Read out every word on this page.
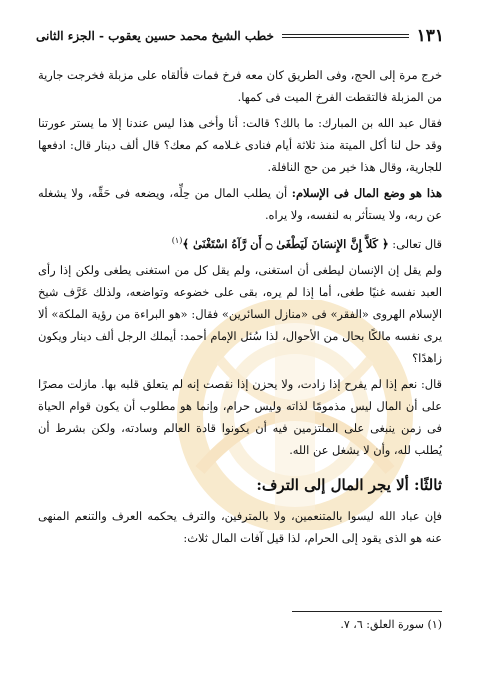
١٣١
خطب الشيخ محمد حسين يعقوب - الجزء الثانى

خرج مرة إلى الحج، وفى الطريق كان معه فرخ فمات فألقاه على مزبلة فخرجت جارية من المزبلة فالتقطت الفرخ الميت فى كمها.

فقال عبد الله بن المبارك: ما بالك؟ قالت: أنا وأخى هذا ليس عندنا إلا ما يستر عورتنا وقد حل لنا أكل الميتة منذ ثلاثة أيام فنادى غـلامه كم معك؟ قال ألف دينار قال: ادفعها للجارية، وقال هذا خير من حج النافلة.

هذا هو وضع المال فى الإسلام: أن يطلب المال من حِلِّه، ويضعه فى حَقِّه، ولا يشغله عن ربه، ولا يستأثر به لنفسه، ولا يراه.

قال تعالى: ﴿ كَلاَّ إِنَّ الإِنسَانَ لَيَطْغَىٰ ۝ أَن رَّآهُ اسْتَغْنَىٰ ﴾$^{(١)}$

ولم يقل إن الإنسان ليطغى أن استغنى، ولم يقل كل من استغنى يطغى ولكن إذا رأى العبد نفسه غنيًا طغى، أما إذا لم يره، بقى على خضوعه وتواضعه، ولذلك عَرَّف شيخ الإسلام الهروى «الفقر» فى «منازل السائرين» فقال: «هو البراءة من رؤية الملكة» ألا يرى نفسه مالكًا بحال من الأحوال، لذا سُئل الإمام أحمد: أيملك الرجل ألف دينار ويكون زاهدًا؟

قال: نعم إذا لم يفرح إذا زادت، ولا يحزن إذا نقصت إنه لم يتعلق قلبه بها. مازلت مصرًا على أن المال ليس مذمومًا لذاته وليس حرام، وإنما هو مطلوب أن يكون قوام الحياة فى زمن ينبغى على الملتزمين فيه أن يكونوا قادة العالم وسادته، ولكن بشرط أن يُطلب لله، وأن لا يشغل عن الله.

ثالثًا: ألا يجر المال إلى الترف:

فإن عباد الله ليسوا بالمتنعمين، ولا بالمترفين، والترف يحكمه العرف والتنعم المنهى عنه هو الذى يقود إلى الحرام، لذا قيل آفات المال ثلاث:

(١) سورة العلق: ٦، ٧.
